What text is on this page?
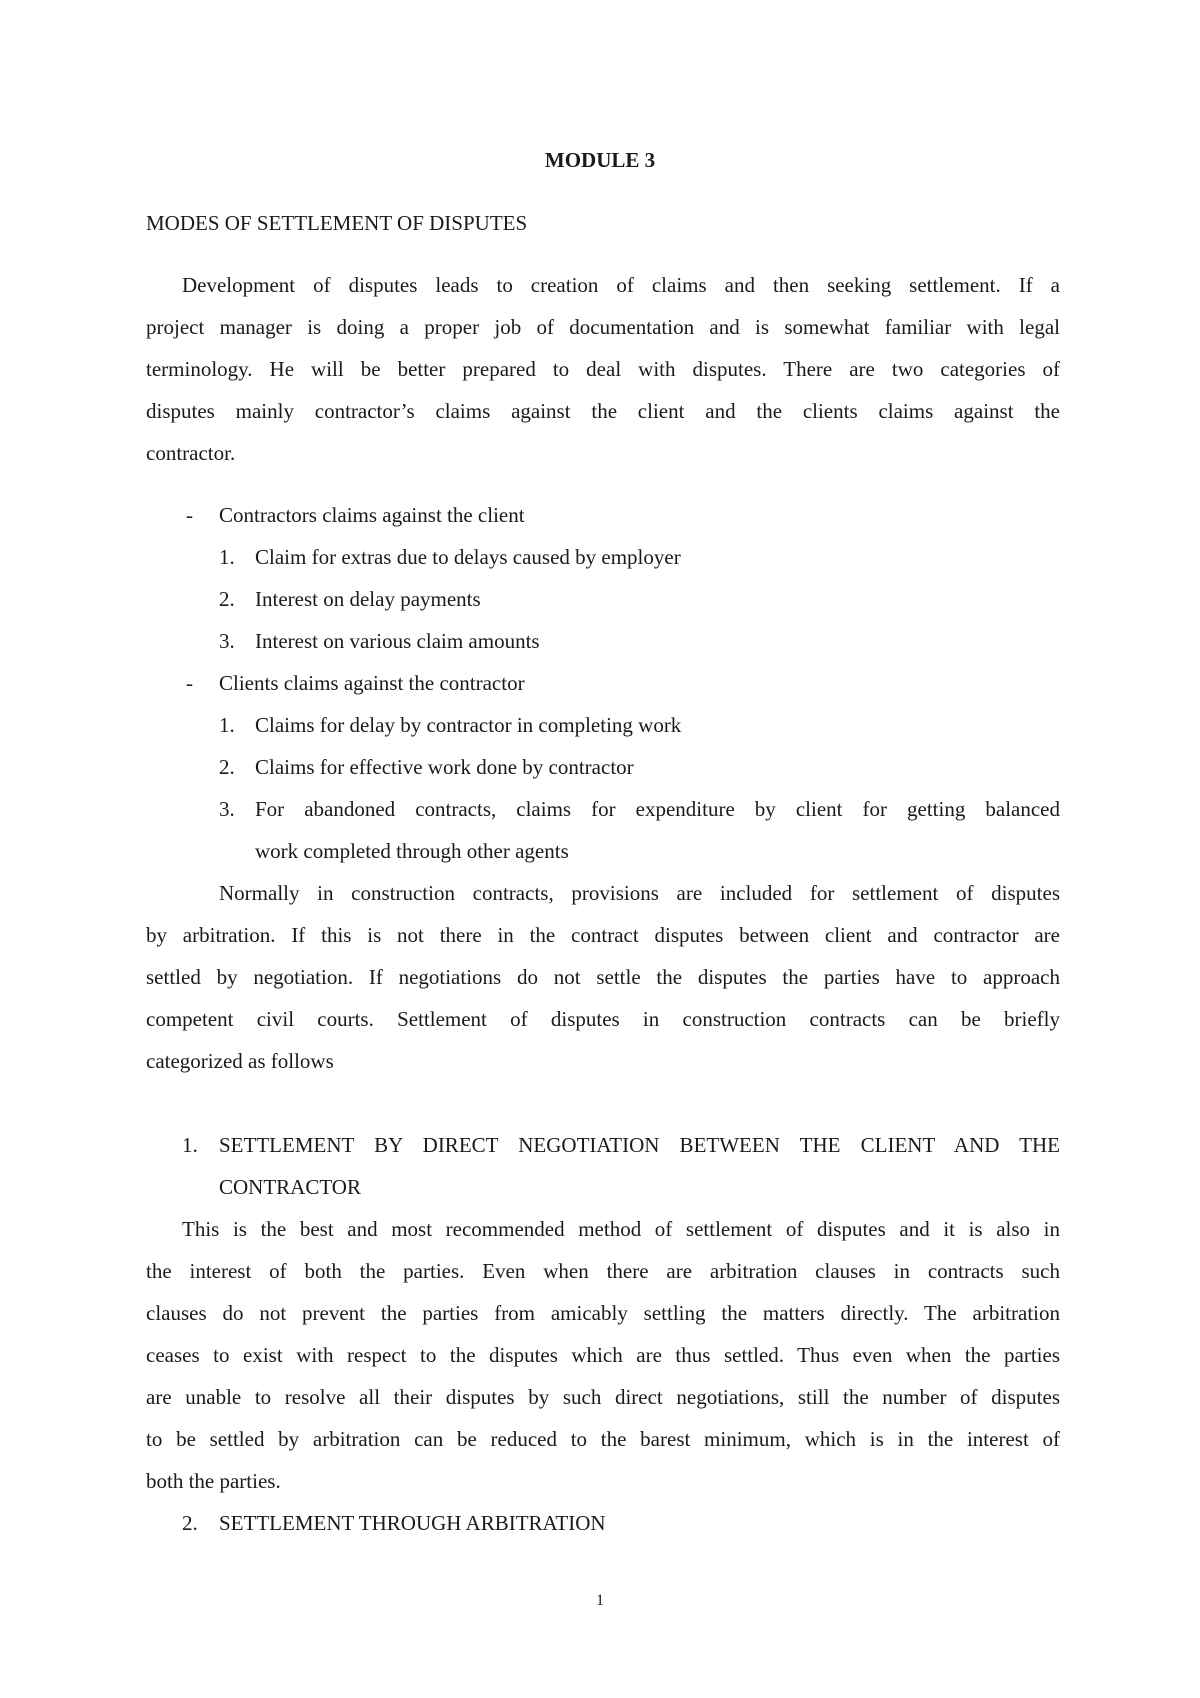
MODULE 3
MODES OF SETTLEMENT OF DISPUTES
Development of disputes leads to creation of claims and then seeking settlement. If a
project manager is doing a proper job of documentation and is somewhat familiar with legal
terminology. He will be better prepared to deal with disputes. There are two categories of
disputes mainly contractor’s claims against the client and the clients claims against the
contractor.
- Contractors claims against the client
1. Claim for extras due to delays caused by employer
2. Interest on delay payments
3. Interest on various claim amounts
- Clients claims against the contractor
1. Claims for delay by contractor in completing work
2. Claims for effective work done by contractor
3. For abandoned contracts, claims for expenditure by client for getting balanced
work completed through other agents
Normally in construction contracts, provisions are included for settlement of disputes
by arbitration. If this is not there in the contract disputes between client and contractor are
settled by negotiation. If negotiations do not settle the disputes the parties have to approach
competent civil courts. Settlement of disputes in construction contracts can be briefly
categorized as follows
1. SETTLEMENT BY DIRECT NEGOTIATION BETWEEN THE CLIENT AND THE
CONTRACTOR
This is the best and most recommended method of settlement of disputes and it is also in
the interest of both the parties. Even when there are arbitration clauses in contracts such
clauses do not prevent the parties from amicably settling the matters directly. The arbitration
ceases to exist with respect to the disputes which are thus settled. Thus even when the parties
are unable to resolve all their disputes by such direct negotiations, still the number of disputes
to be settled by arbitration can be reduced to the barest minimum, which is in the interest of
both the parties.
2. SETTLEMENT THROUGH ARBITRATION
1
